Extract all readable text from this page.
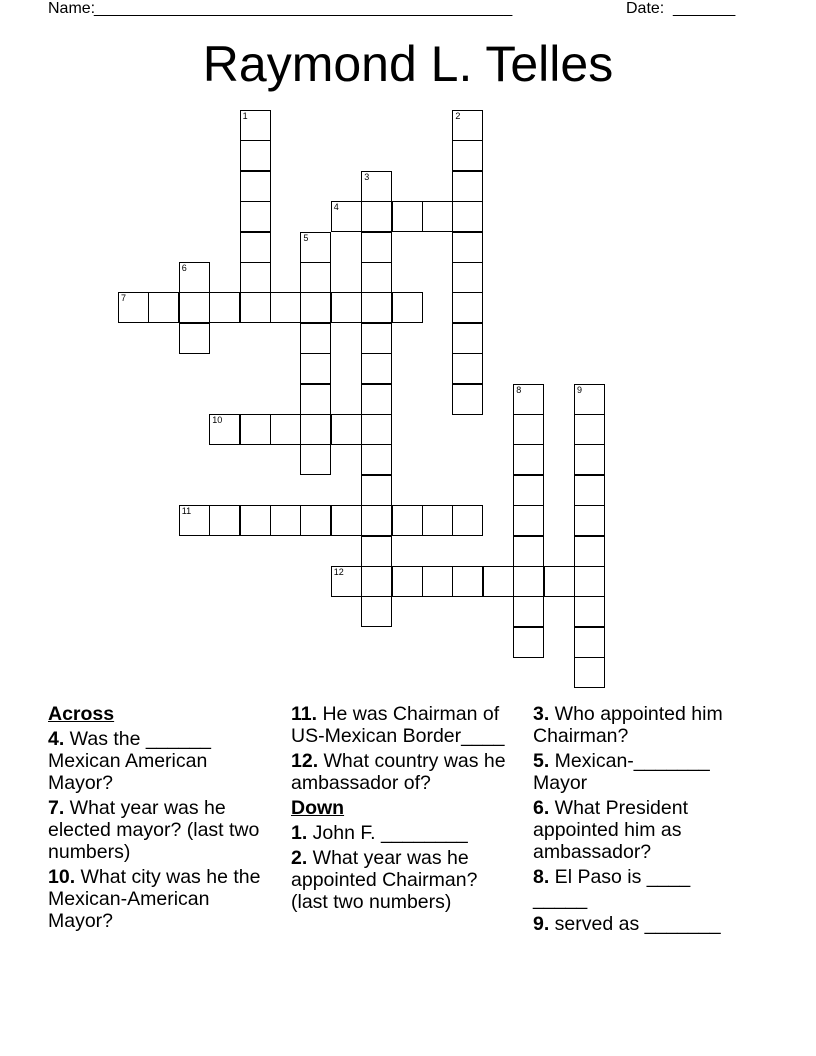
Name:
_______________________________________________	Date: _______
Raymond L. Telles
1	2
3
4
5
6
7
8	9
10
11
12
Across
4. Was the ______ Mexican American Mayor?
7. What year was he elected mayor? (last two numbers)
10. What city was he the Mexican-American Mayor?
11. He was Chairman of US-Mexican Border____
12. What country was he ambassador of?
Down
1. John F. ________
2. What year was he appointed Chairman? (last two numbers)
3. Who appointed him Chairman?
5. Mexican-_______ Mayor
6. What President appointed him as ambassador?
8. El Paso is ____ _____
9. served as _______
